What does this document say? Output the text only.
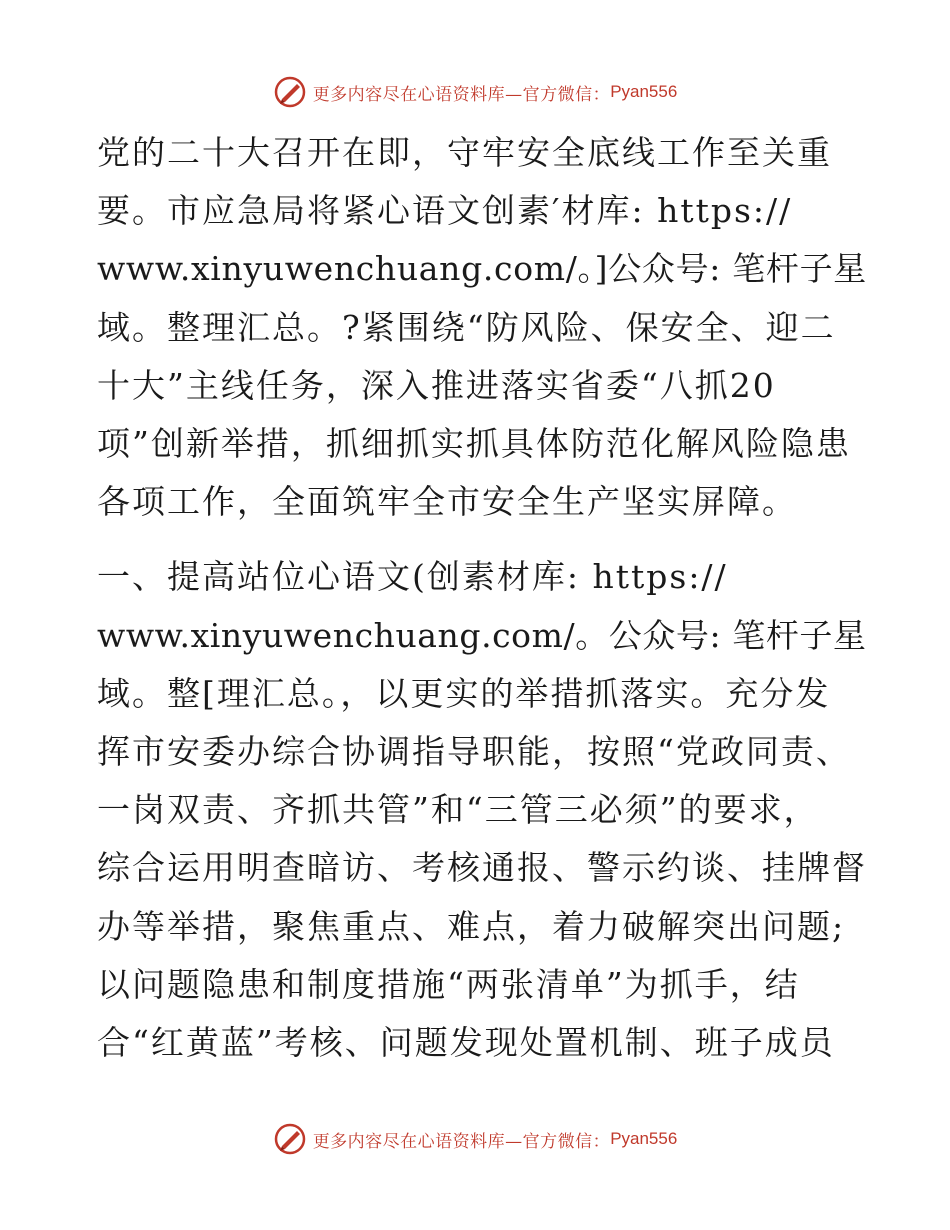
更多内容尽在心语资料库—官方微信： Pyan556

党的二十大召开在即，守牢安全底线工作至关重
要。市应急局将紧心语文创素′材库: https://
www.xinyuwenchuang.com/。]公众号: 笔杆子星
域。整理汇总。?紧围绕“防风险、保安全、迎二
十大”主线任务，深入推进落实省委“八抓20
项”创新举措，抓细抓实抓具体防范化解风险隐患
各项工作，全面筑牢全市安全生产坚实屏障。

一、提高站位心语文(创素材库: https://
www.xinyuwenchuang.com/。公众号: 笔杆子星
域。整[理汇总。，以更实的举措抓落实。充分发
挥市安委办综合协调指导职能，按照“党政同责、
一岗双责、齐抓共管”和“三管三必须”的要求，
综合运用明查暗访、考核通报、警示约谈、挂牌督
办等举措，聚焦重点、难点，着力破解突出问题;
以问题隐患和制度措施“两张清单”为抓手，结
合“红黄蓝”考核、问题发现处置机制、班子成员

更多内容尽在心语资料库—官方微信： Pyan556
